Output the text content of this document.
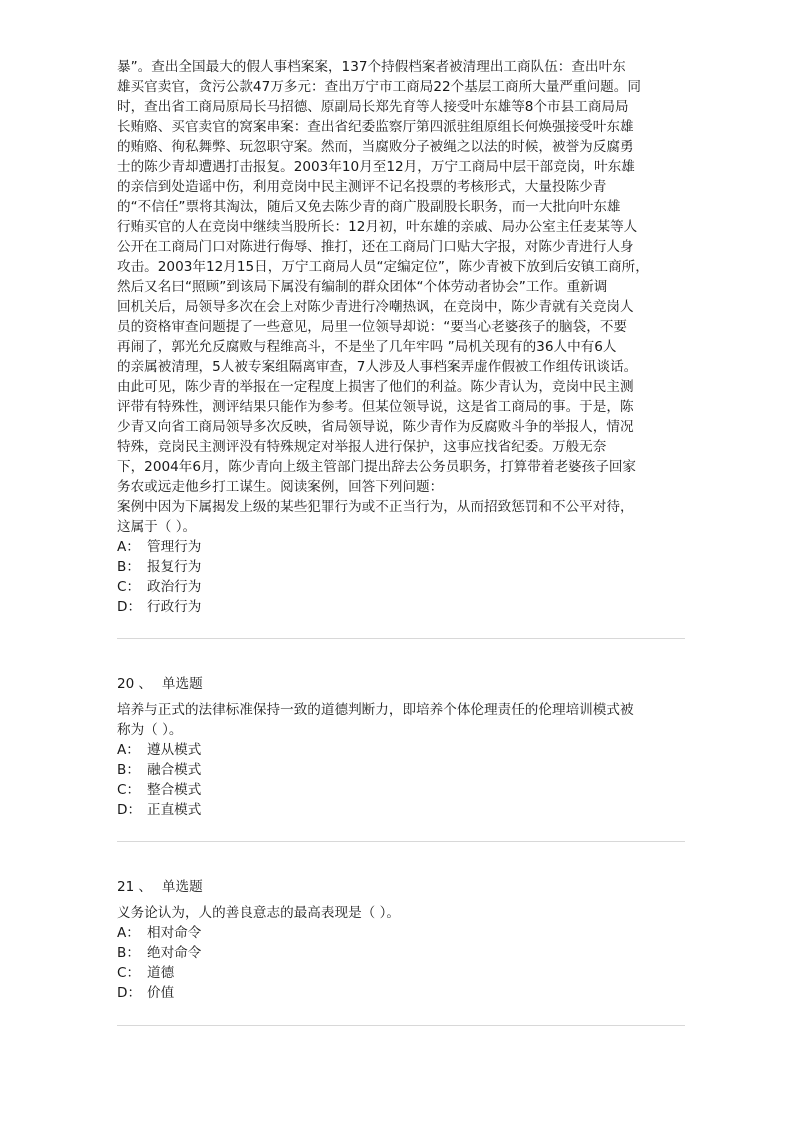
暴”。查出全国最大的假人事档案案，137个持假档案者被清理出工商队伍：查出叶东

雄买官卖官，贪污公款47万多元：查出万宁市工商局22个基层工商所大量严重问题。同

时，查出省工商局原局长马招德、原副局长郑先育等人接受叶东雄等8个市县工商局局

长贿赂、买官卖官的窝案串案：查出省纪委监察厅第四派驻组原组长何焕强接受叶东雄

的贿赂、徇私舞弊、玩忽职守案。然而，当腐败分子被绳之以法的时候，被誉为反腐勇

士的陈少青却遭遇打击报复。2003年10月至12月，万宁工商局中层干部竞岗，叶东雄

的亲信到处造谣中伤，利用竞岗中民主测评不记名投票的考核形式，大量投陈少青

的“不信任”票将其淘汰，随后又免去陈少青的商广股副股长职务，而一大批向叶东雄

行贿买官的人在竞岗中继续当股所长：12月初，叶东雄的亲戚、局办公室主任麦某等人

公开在工商局门口对陈进行侮辱、推打，还在工商局门口贴大字报，对陈少青进行人身

攻击。2003年12月15日，万宁工商局人员“定编定位”，陈少青被下放到后安镇工商所，

然后又名曰“照顾”到该局下属没有编制的群众团体“个体劳动者协会”工作。重新调

回机关后，局领导多次在会上对陈少青进行冷嘲热讽，在竞岗中，陈少青就有关竞岗人

员的资格审查问题提了一些意见，局里一位领导却说：“要当心老婆孩子的脑袋，不要

再闹了，郭光允反腐败与程维高斗，不是坐了几年牢吗 ”局机关现有的36人中有6人

的亲属被清理，5人被专案组隔离审查，7人涉及人事档案弄虚作假被工作组传讯谈话。

由此可见，陈少青的举报在一定程度上损害了他们的利益。陈少青认为，竞岗中民主测

评带有特殊性，测评结果只能作为参考。但某位领导说，这是省工商局的事。于是，陈

少青又向省工商局领导多次反映，省局领导说，陈少青作为反腐败斗争的举报人，情况

特殊，竞岗民主测评没有特殊规定对举报人进行保护，这事应找省纪委。万般无奈

下，2004年6月，陈少青向上级主管部门提出辞去公务员职务，打算带着老婆孩子回家

务农或远走他乡打工谋生。阅读案例，回答下列问题：

案例中因为下属揭发上级的某些犯罪行为或不正当行为，从而招致惩罚和不公平对待，

这属于（ ）。

A： 管理行为

B： 报复行为

C： 政治行为

D： 行政行为

20 、 单选题

培养与正式的法律标准保持一致的道德判断力，即培养个体伦理责任的伦理培训模式被

称为（ ）。

A： 遵从模式

B： 融合模式

C： 整合模式

D： 正直模式

21 、 单选题

义务论认为，人的善良意志的最高表现是（ ）。

A： 相对命令

B： 绝对命令

C： 道德

D： 价值
